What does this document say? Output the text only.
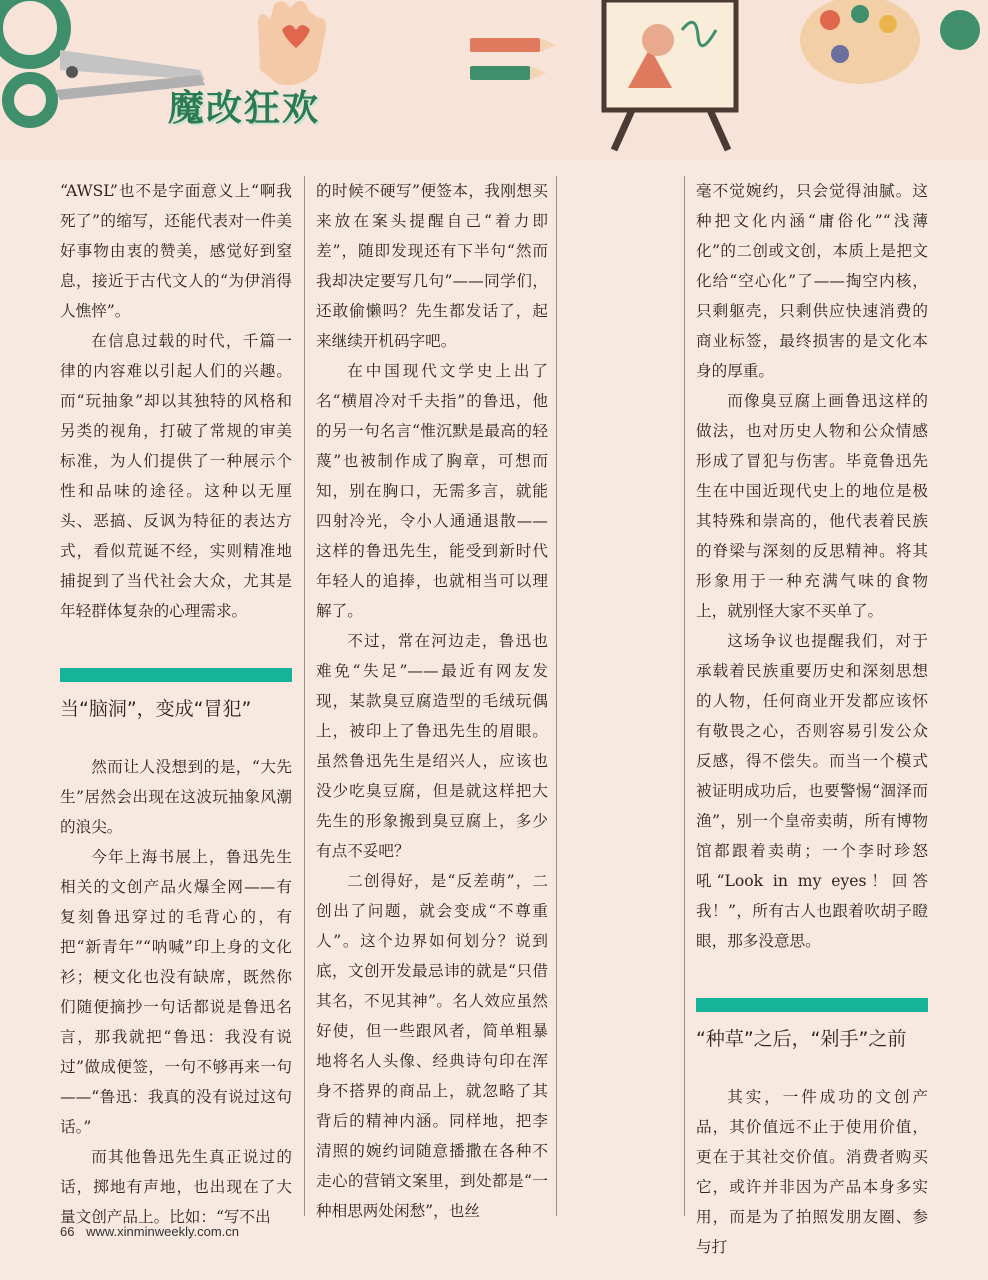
魔改狂欢

“AWSL”也不是字面意义上“啊我死了”的缩写，还能代表对一件美好事物由衷的赞美，感觉好到窒息，接近于古代文人的“为伊消得人憔悴”。

在信息过载的时代，千篇一律的内容难以引起人们的兴趣。而“玩抽象”却以其独特的风格和另类的视角，打破了常规的审美标准，为人们提供了一种展示个性和品味的途径。这种以无厘头、恶搞、反讽为特征的表达方式，看似荒诞不经，实则精准地捕捉到了当代社会大众，尤其是年轻群体复杂的心理需求。

当“脑洞”，变成“冒犯”

然而让人没想到的是，“大先生”居然会出现在这波玩抽象风潮的浪尖。

今年上海书展上，鲁迅先生相关的文创产品火爆全网——有复刻鲁迅穿过的毛背心的，有把“新青年”“呐喊”印上身的文化衫；梗文化也没有缺席，既然你们随便摘抄一句话都说是鲁迅名言，那我就把“鲁迅：我没有说过”做成便签，一句不够再来一句——“鲁迅：我真的没有说过这句话。”

而其他鲁迅先生真正说过的话，掷地有声地，也出现在了大量文创产品上。比如：“写不出

的时候不硬写”便签本，我刚想买来放在案头提醒自己“着力即差”，随即发现还有下半句“然而我却决定要写几句”——同学们，还敢偷懒吗？先生都发话了，起来继续开机码字吧。

在中国现代文学史上出了名“横眉冷对千夫指”的鲁迅，他的另一句名言“惟沉默是最高的轻蔑”也被制作成了胸章，可想而知，别在胸口，无需多言，就能四射冷光，令小人通通退散——这样的鲁迅先生，能受到新时代年轻人的追捧，也就相当可以理解了。

不过，常在河边走，鲁迅也难免“失足”——最近有网友发现，某款臭豆腐造型的毛绒玩偶上，被印上了鲁迅先生的眉眼。虽然鲁迅先生是绍兴人，应该也没少吃臭豆腐，但是就这样把大先生的形象搬到臭豆腐上，多少有点不妥吧？

二创得好，是“反差萌”，二创出了问题，就会变成“不尊重人”。这个边界如何划分？说到底，文创开发最忌讳的就是“只借其名，不见其神”。名人效应虽然好使，但一些跟风者，简单粗暴地将名人头像、经典诗句印在浑身不搭界的商品上，就忽略了其背后的精神内涵。同样地，把李清照的婉约词随意播撒在各种不走心的营销文案里，到处都是“一种相思两处闲愁”，也丝

毫不觉婉约，只会觉得油腻。这种把文化内涵“庸俗化”“浅薄化”的二创或文创，本质上是把文化给“空心化”了——掏空内核，只剩躯壳，只剩供应快速消费的商业标签，最终损害的是文化本身的厚重。

而像臭豆腐上画鲁迅这样的做法，也对历史人物和公众情感形成了冒犯与伤害。毕竟鲁迅先生在中国近现代史上的地位是极其特殊和崇高的，他代表着民族的脊梁与深刻的反思精神。将其形象用于一种充满气味的食物上，就别怪大家不买单了。

这场争议也提醒我们，对于承载着民族重要历史和深刻思想的人物，任何商业开发都应该怀有敬畏之心，否则容易引发公众反感，得不偿失。而当一个模式被证明成功后，也要警惕“涸泽而渔”，别一个皇帝卖萌，所有博物馆都跟着卖萌；一个李时珍怒吼“Look in my eyes！回答我！”，所有古人也跟着吹胡子瞪眼，那多没意思。

“种草”之后，“剁手”之前

其实，一件成功的文创产品，其价值远不止于使用价值，更在于其社交价值。消费者购买它，或许并非因为产品本身多实用，而是为了拍照发朋友圈、参与打

66 www.xinminweekly.com.cn
